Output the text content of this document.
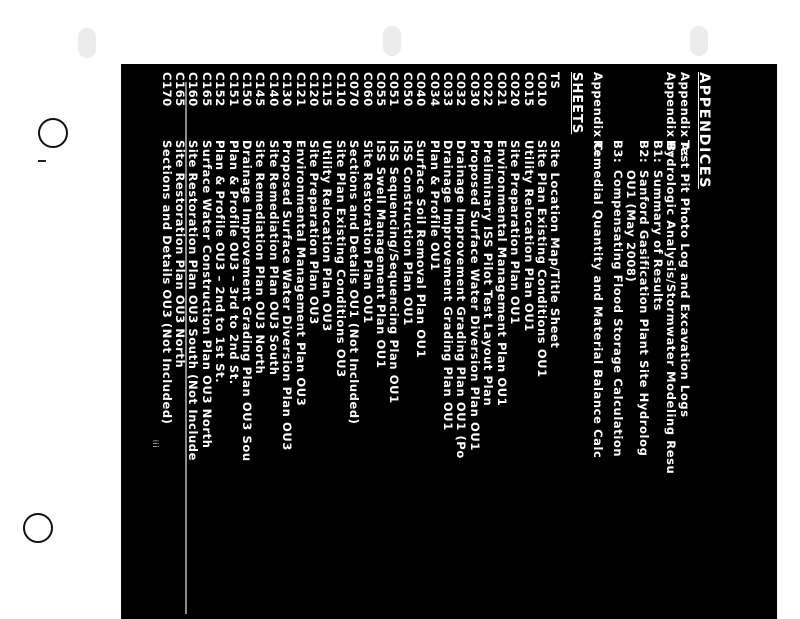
iii
APPENDICES
Appendix A:
Test Pit Photo Log and Excavation Logs
Appendix B:
Hydrologic Analysis/Stormwater Modeling Resu
B1:
Summary of Results
B2:
Sanford Gasification Plant Site Hydrolog
OU1 (May 2008)
B3:
Compensating Flood Storage Calculation
Appendix C:
Remedial Quantity and Material Balance Calc
SHEETS
TS
Site Location Map/Title Sheet
C010
Site Plan Existing Conditions OU1
C015
Utility Relocation Plan OU1
C020
Site Preparation Plan OU1
C021
Environmental Management Plan OU1
C022
Preliminary ISS Pilot Test Layout Plan
C030
Proposed Surface Water Diversion Plan OU1
C032
Drainage Improvement Grading Plan OU1 (Po
C033
Drainage Improvement Grading Plan OU1
C034
Plan & Profile OU1
C040
Surface Soil Removal Plan OU1
C050
ISS Construction Plan OU1
C051
ISS Sequencing/Sequencing Plan OU1
C055
ISS Swell Management Plan OU1
C060
Site Restoration Plan OU1
C070
Sections and Details OU1 (Not Included)
C110
Site Plan Existing Conditions OU3
C115
Utility Relocation Plan OU3
C120
Site Preparation Plan OU3
C121
Environmental Management Plan OU3
C130
Proposed Surface Water Diversion Plan OU3
C140
Site Remediation Plan OU3 South
C145
Site Remediation Plan OU3 North
C150
Drainage Improvement Grading Plan OU3 Sou
C151
Plan & Profile OU3 – 3rd to 2nd St.
C152
Plan & Profile OU3 – 2nd to 1st St.
C165
Surface Water Construction Plan OU3 North
C160
Site Restoration Plan OU3 South (Not Include
C165
Site Restoration Plan OU3 North
C170
Sections and Details OU3 (Not Included)
